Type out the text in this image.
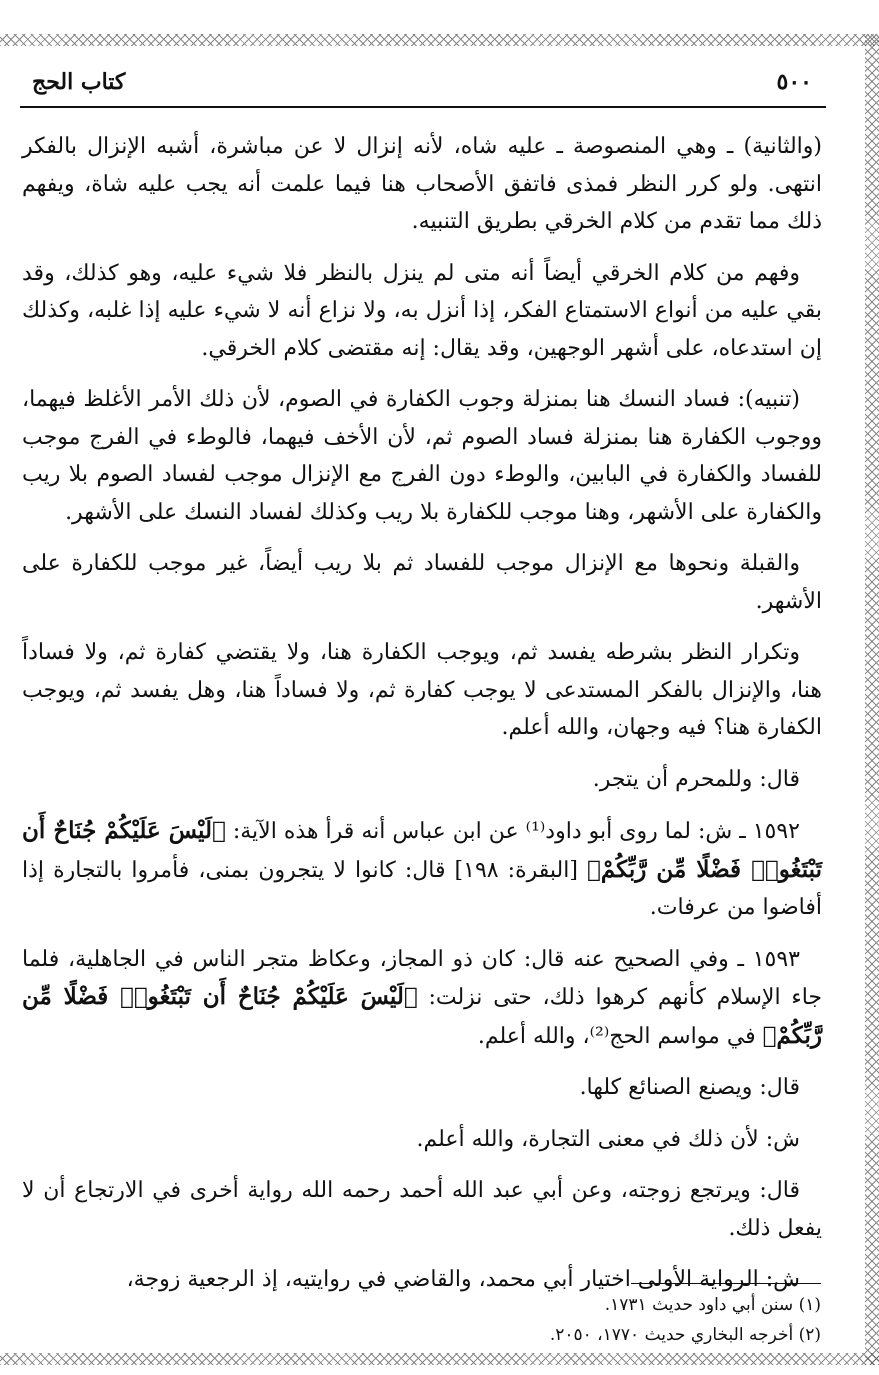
٥٠٠
كتاب الحج

(والثانية) ـ وهي المنصوصة ـ عليه شاه، لأنه إنزال لا عن مباشرة، أشبه الإنزال بالفكر انتهى. ولو كرر النظر فمذى فاتفق الأصحاب هنا فيما علمت أنه يجب عليه شاة، ويفهم ذلك مما تقدم من كلام الخرقي بطريق التنبيه.

وفهم من كلام الخرقي أيضاً أنه متى لم ينزل بالنظر فلا شيء عليه، وهو كذلك، وقد بقي عليه من أنواع الاستمتاع الفكر، إذا أنزل به، ولا نزاع أنه لا شيء عليه إذا غلبه، وكذلك إن استدعاه، على أشهر الوجهين، وقد يقال: إنه مقتضى كلام الخرقي.

(تنبيه): فساد النسك هنا بمنزلة وجوب الكفارة في الصوم، لأن ذلك الأمر الأغلظ فيهما، ووجوب الكفارة هنا بمنزلة فساد الصوم ثم، لأن الأخف فيهما، فالوطء في الفرج موجب للفساد والكفارة في البابين، والوطء دون الفرج مع الإنزال موجب لفساد الصوم بلا ريب والكفارة على الأشهر، وهنا موجب للكفارة بلا ريب وكذلك لفساد النسك على الأشهر.

والقبلة ونحوها مع الإنزال موجب للفساد ثم بلا ريب أيضاً، غير موجب للكفارة على الأشهر.

وتكرار النظر بشرطه يفسد ثم، ويوجب الكفارة هنا، ولا يقتضي كفارة ثم، ولا فساداً هنا، والإنزال بالفكر المستدعى لا يوجب كفارة ثم، ولا فساداً هنا، وهل يفسد ثم، ويوجب الكفارة هنا؟ فيه وجهان، والله أعلم.

قال: وللمحرم أن يتجر.

١٥٩٢ ـ ش: لما روى أبو داود⁽¹⁾ عن ابن عباس أنه قرأ هذه الآية: ﴿لَيْسَ عَلَيْكُمْ جُنَاحٌ أَن تَبْتَغُوا۟ فَضْلًا مِّن رَّبِّكُمْ﴾ [البقرة: ١٩٨] قال: كانوا لا يتجرون بمنى، فأمروا بالتجارة إذا أفاضوا من عرفات.

١٥٩٣ ـ وفي الصحيح عنه قال: كان ذو المجاز، وعكاظ متجر الناس في الجاهلية، فلما جاء الإسلام كأنهم كرهوا ذلك، حتى نزلت: ﴿لَيْسَ عَلَيْكُمْ جُنَاحٌ أَن تَبْتَغُوا۟ فَضْلًا مِّن رَّبِّكُمْ﴾ في مواسم الحج⁽²⁾، والله أعلم.

قال: ويصنع الصنائع كلها.

ش: لأن ذلك في معنى التجارة، والله أعلم.

قال: ويرتجع زوجته، وعن أبي عبد الله أحمد رحمه الله رواية أخرى في الارتجاع أن لا يفعل ذلك.

ش: الرواية الأولى اختيار أبي محمد، والقاضي في روايتيه، إذ الرجعية زوجة،

(١) سنن أبي داود حديث ١٧٣١.
(٢) أخرجه البخاري حديث ١٧٧٠، ٢٠٥٠.
